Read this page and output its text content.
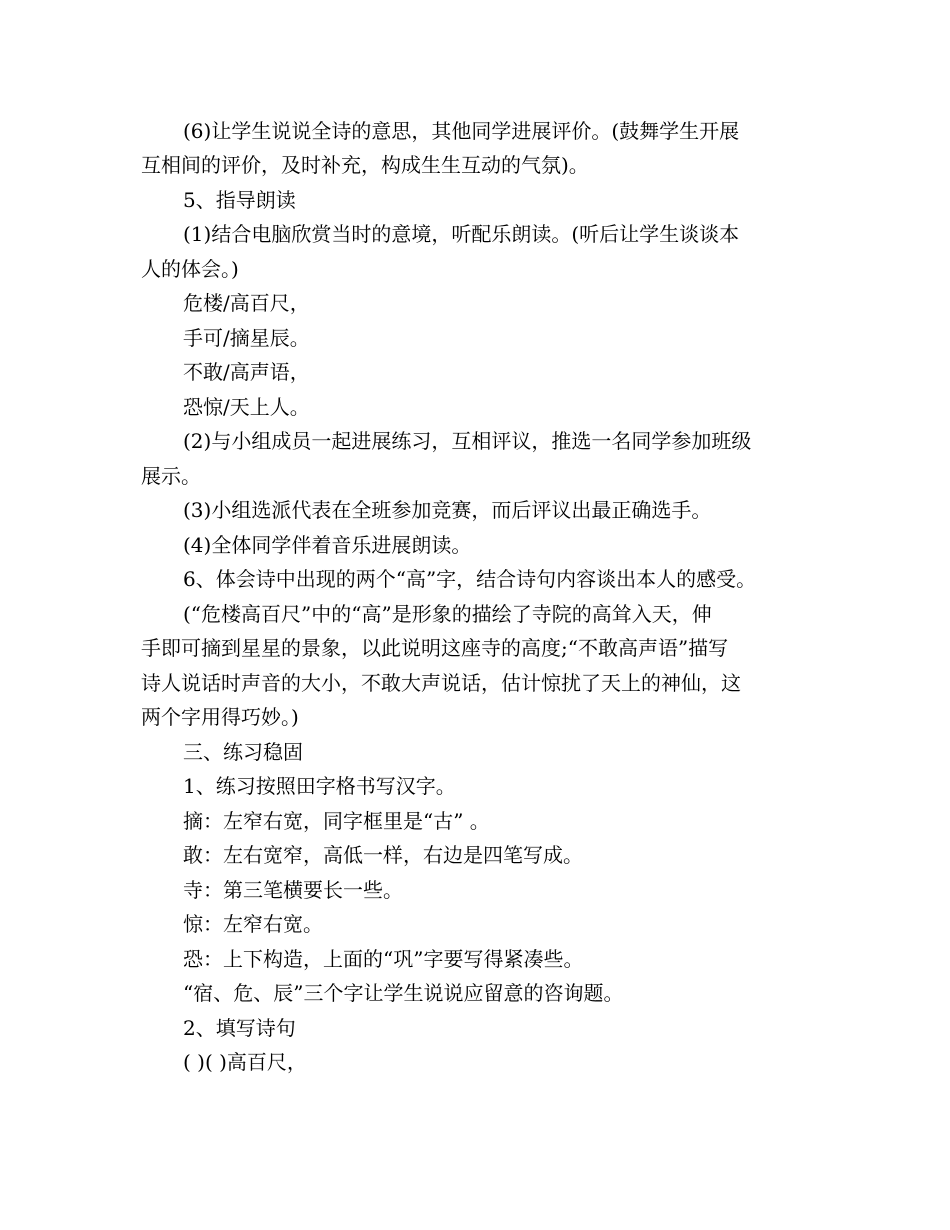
(6)让学生说说全诗的意思，其他同学进展评价。(鼓舞学生开展

互相间的评价，及时补充，构成生生互动的气氛)。

5、指导朗读

(1)结合电脑欣赏当时的意境，听配乐朗读。(听后让学生谈谈本

人的体会。)

危楼/高百尺，

手可/摘星辰。

不敢/高声语，

恐惊/天上人。

(2)与小组成员一起进展练习，互相评议，推选一名同学参加班级

展示。

(3)小组选派代表在全班参加竞赛，而后评议出最正确选手。

(4)全体同学伴着音乐进展朗读。

6、体会诗中出现的两个“高”字，结合诗句内容谈出本人的感受。

(“危楼高百尺”中的“高”是形象的描绘了寺院的高耸入天，伸

手即可摘到星星的景象，以此说明这座寺的高度;“不敢高声语”描写

诗人说话时声音的大小，不敢大声说话，估计惊扰了天上的神仙，这

两个字用得巧妙。)

三、练习稳固

1、练习按照田字格书写汉字。

摘：左窄右宽，同字框里是“古” 。

敢：左右宽窄，高低一样，右边是四笔写成。

寺：第三笔横要长一些。

惊：左窄右宽。

恐：上下构造，上面的“巩”字要写得紧凑些。

“宿、危、辰”三个字让学生说说应留意的咨询题。

2、填写诗句

( )( )高百尺，
